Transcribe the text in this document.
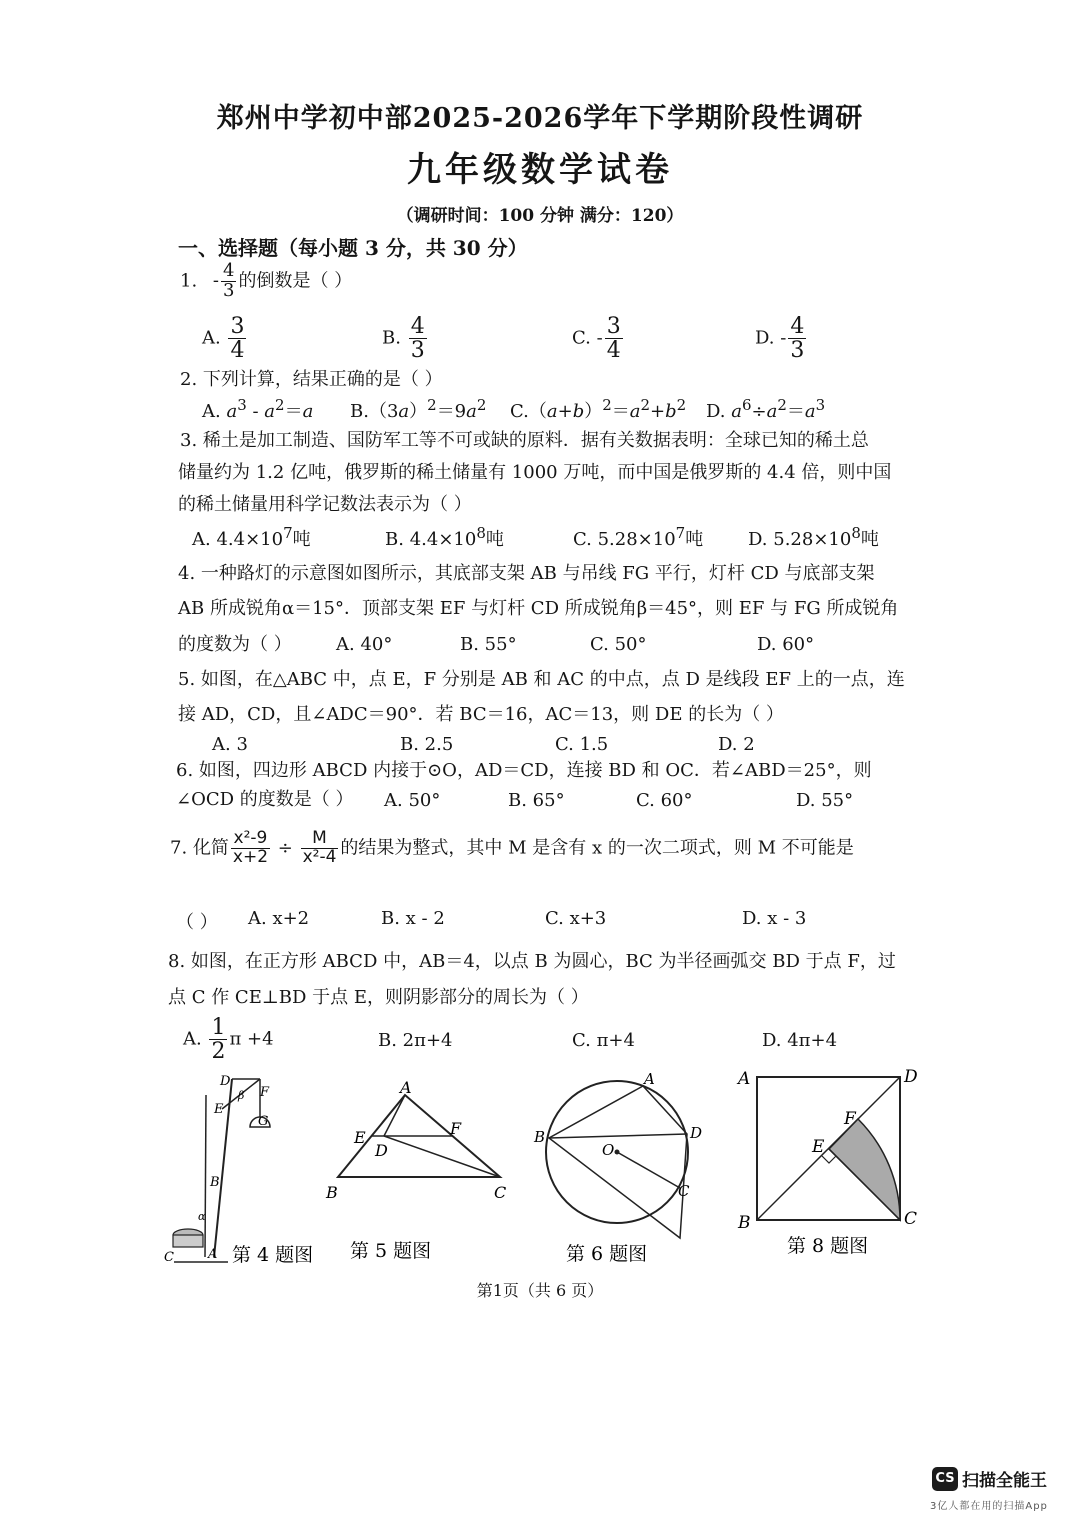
郑州中学初中部2025-2026学年下学期阶段性调研
九年级数学试卷
（调研时间：100 分钟 满分：120）
一、选择题（每小题 3 分，共 30 分）
1. - $\frac{4}{3}$ 的倒数是（ ）
A. $\frac{3}{4}$	B. $\frac{4}{3}$	C. - $\frac{3}{4}$	D. - $\frac{4}{3}$
2. 下列计算，结果正确的是（ ）
A. $a^3 - a^2=a$ $B.(3a)^2=9a^2$ $C.(a+b)^2=a^2+b^2$ D. $a^6\div a^2=a^3$
3. 稀土是加工制造、国防军工等不可或缺的原料．据有关数据表明：全球已知的稀土总
储量约为 1.2 亿吨，俄罗斯的稀土储量有 1000 万吨，而中国是俄罗斯的 4.4 倍，则中国
的稀土储量用科学记数法表示为（ ）
A. $4.4\times 10^7$吨	B. $4.4\times 10^8$吨	C. $5.28\times 10^7$吨 D. $5.28\times 10^8$吨
4. 一种路灯的示意图如图所示，其底部支架 AB 与吊线 FG 平行，灯杆 CD 与底部支架
AB 所成锐角α＝15°．顶部支架 EF 与灯杆 CD 所成锐角β＝45°，则 EF 与 FG 所成锐角
的度数为（ ） A. 40°	B. 55°	C. 50°	D. 60°
5. 如图，在△ABC 中，点 E，F 分别是 AB 和 AC 的中点，点 D 是线段 EF 上的一点，连
接 AD，CD，且∠ADC＝90°．若 BC＝16，AC＝13，则 DE 的长为（ ）
A. 3	B. 2.5	C. 1.5	D. 2
6. 如图，四边形 ABCD 内接于⊙O，AD＝CD，连接 BD 和 OC．若∠ABD＝25°，则
∠OCD 的度数是（ ） A. 50°	B. 65°	C. 60°	D. 55°
7. 化简 $\frac{\text{x²-9}}{x+2} \div \frac{M}{\text{x²-4}}$ 的结果为整式，其中 M 是含有 x 的一次二项式，则 M 不可能是
（ ） A. x+2	B. x - 2	C. x+3	D. x - 3
8. 如图，在正方形 ABCD 中，AB＝4，以点 B 为圆心，BC 为半径画弧交 BD 于点 F，过
点 C 作 CE⊥BD 于点 E，则阴影部分的周长为（ ）
A. $\frac{1}{2}$ π +4	B. 2π+4	C. π+4	D. 4π+4
D
β F
E
G
B
α
C	A 第 4 题图
A
E
D
F
B	C
第 5 题图
A
B
O
D
C
第 6 题图
A	D
F
E
B	C
第 8 题图
第1页（共 6 页）
CS 扫描全能王
3亿人都在用的扫描App
